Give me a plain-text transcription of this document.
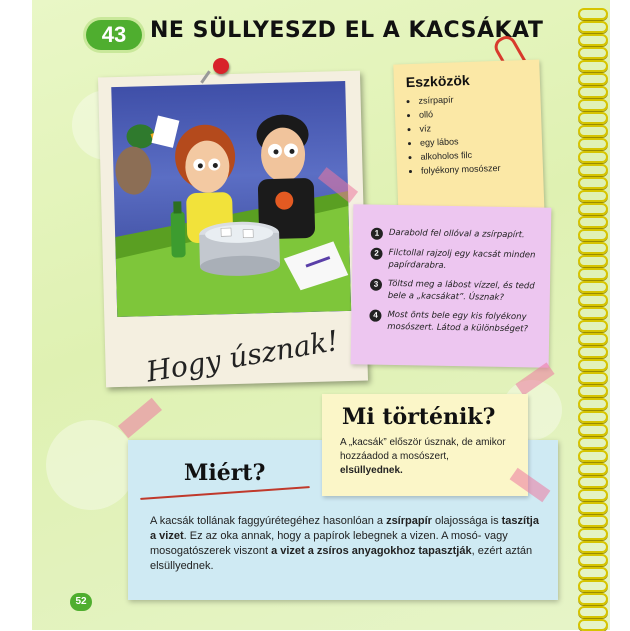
43	NE SÜLLYESZD EL A KACSÁKAT
Hogy úsznak!
Eszközök
• zsírpapír
• olló
• víz
• egy lábos
• alkoholos filc
• folyékony mosószer
1	Darabold fel ollóval a zsírpapírt.
2	Filctollal rajzolj egy kacsát minden papírdarabra.
3	Töltsd meg a lábost vízzel, és tedd bele a „kacsákat”. Úsznak?
4	Most önts bele egy kis folyékony mosószert. Látod a különbséget?
Miért?
A kacsák tollának faggyúrétegéhez hasonlóan a zsírpapír olajossága is taszítja a vizet. Ez az oka annak, hogy a papírok lebegnek a vizen. A mosó- vagy mosogatószerek viszont a vizet a zsíros anyagokhoz tapasztják, ezért aztán elsüllyednek.
Mi történik?
A „kacsák” először úsznak, de amikor hozzáadod a mosószert, elsüllyednek.
52
